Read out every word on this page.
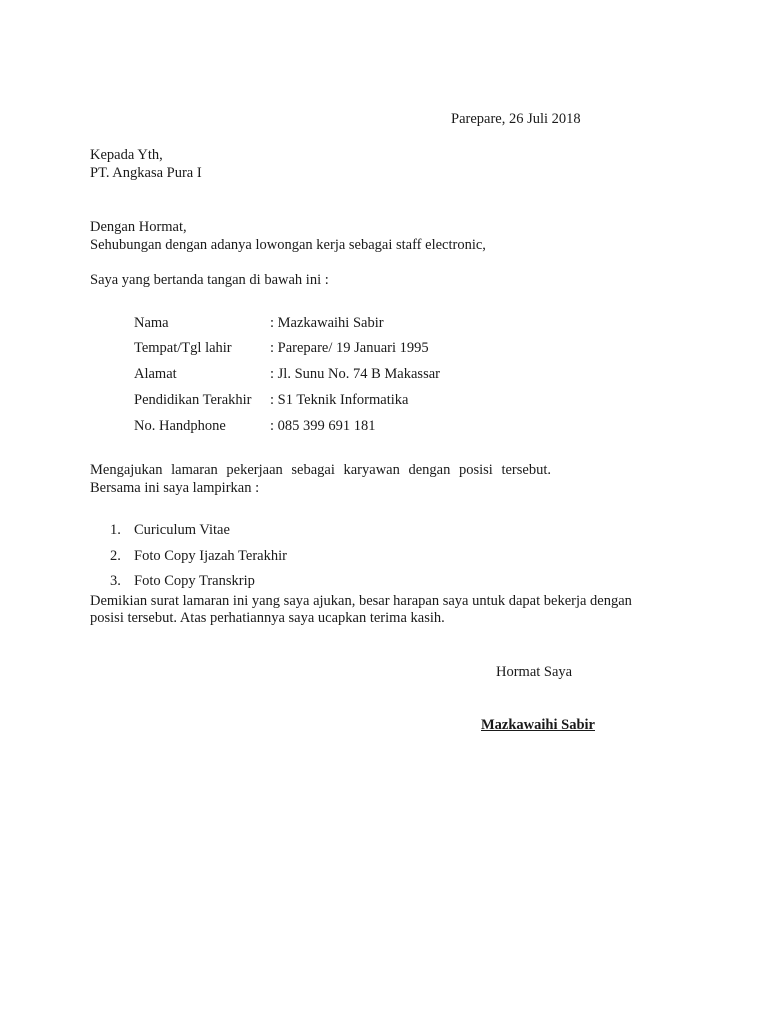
Parepare, 26 Juli 2018
Kepada Yth,
PT. Angkasa Pura I
Dengan Hormat,
Sehubungan dengan adanya lowongan kerja sebagai staff electronic,
Saya yang bertanda tangan di bawah ini :
Nama	: Mazkawaihi Sabir
Tempat/Tgl lahir	: Parepare/ 19 Januari 1995
Alamat	: Jl. Sunu No. 74 B Makassar
Pendidikan Terakhir : S1 Teknik Informatika
No. Handphone	: 085 399 691 181
Mengajukan lamaran pekerjaan sebagai karyawan dengan posisi tersebut.
Bersama ini saya lampirkan :
1. Curiculum Vitae
2. Foto Copy Ijazah Terakhir
3. Foto Copy Transkrip
Demikian surat lamaran ini yang saya ajukan, besar harapan saya untuk dapat bekerja dengan
posisi tersebut. Atas perhatiannya saya ucapkan terima kasih.
Hormat Saya
Mazkawaihi Sabir
